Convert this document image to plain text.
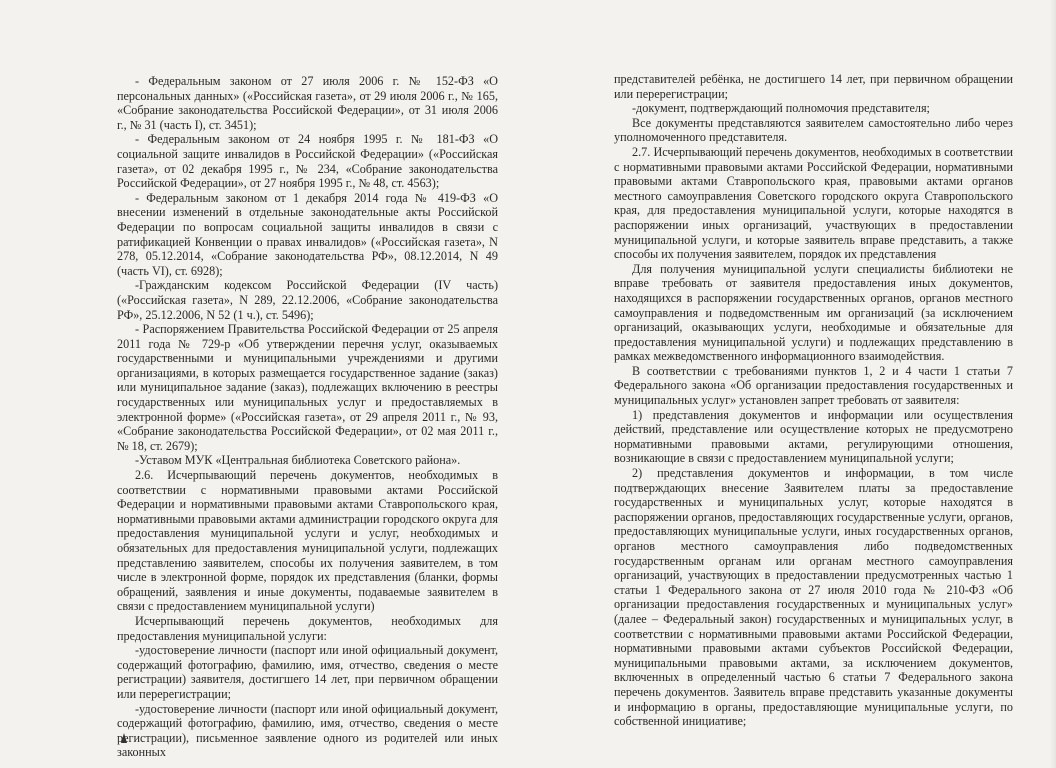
- Федеральным законом от 27 июля 2006 г. № 152-ФЗ «О персональных данных» («Российская газета», от 29 июля 2006 г., № 165, «Собрание законодательства Российской Федерации», от 31 июля 2006 г., № 31 (часть I), ст. 3451);

- Федеральным законом от 24 ноября 1995 г. № 181-ФЗ «О социальной защите инвалидов в Российской Федерации» («Российская газета», от 02 декабря 1995 г., № 234, «Собрание законодательства Российской Федерации», от 27 ноября 1995 г., № 48, ст. 4563);

- Федеральным законом от 1 декабря 2014 года № 419-ФЗ «О внесении изменений в отдельные законодательные акты Российской Федерации по вопросам социальной защиты инвалидов в связи с ратификацией Конвенции о правах инвалидов» («Российская газета», N 278, 05.12.2014, «Собрание законодательства РФ», 08.12.2014, N 49 (часть VI), ст. 6928);

-Гражданским кодексом Российской Федерации (IV часть) («Российская газета», N 289, 22.12.2006, «Собрание законодательства РФ», 25.12.2006, N 52 (1 ч.), ст. 5496);

- Распоряжением Правительства Российской Федерации от 25 апреля 2011 года № 729-р «Об утверждении перечня услуг, оказываемых государственными и муниципальными учреждениями и другими организациями, в которых размещается государственное задание (заказ) или муниципальное задание (заказ), подлежащих включению в реестры государственных или муниципальных услуг и предоставляемых в электронной форме» («Российская газета», от 29 апреля 2011 г., № 93, «Собрание законодательства Российской Федерации», от 02 мая 2011 г., № 18, ст. 2679);

-Уставом МУК «Центральная библиотека Советского района».

2.6. Исчерпывающий перечень документов, необходимых в соответствии с нормативными правовыми актами Российской Федерации и нормативными правовыми актами Ставропольского края, нормативными правовыми актами администрации городского округа для предоставления муниципальной услуги и услуг, необходимых и обязательных для предоставления муниципальной услуги, подлежащих представлению заявителем, способы их получения заявителем, в том числе в электронной форме, порядок их представления (бланки, формы обращений, заявления и иные документы, подаваемые заявителем в связи с предоставлением муниципальной услуги)

Исчерпывающий перечень документов, необходимых для предоставления муниципальной услуги:

-удостоверение личности (паспорт или иной официальный документ, содержащий фотографию, фамилию, имя, отчество, сведения о месте регистрации) заявителя, достигшего 14 лет, при первичном обращении или перерегистрации;

-удостоверение личности (паспорт или иной официальный документ, содержащий фотографию, фамилию, имя, отчество, сведения о месте регистрации), письменное заявление одного из родителей или иных законных

представителей ребёнка, не достигшего 14 лет, при первичном обращении или перерегистрации;

-документ, подтверждающий полномочия представителя;

Все документы представляются заявителем самостоятельно либо через уполномоченного представителя.

2.7. Исчерпывающий перечень документов, необходимых в соответствии с нормативными правовыми актами Российской Федерации, нормативными правовыми актами Ставропольского края, правовыми актами органов местного самоуправления Советского городского округа Ставропольского края, для предоставления муниципальной услуги, которые находятся в распоряжении иных организаций, участвующих в предоставлении муниципальной услуги, и которые заявитель вправе представить, а также способы их получения заявителем, порядок их представления

Для получения муниципальной услуги специалисты библиотеки не вправе требовать от заявителя предоставления иных документов, находящихся в распоряжении государственных органов, органов местного самоуправления и подведомственным им организаций (за исключением организаций, оказывающих услуги, необходимые и обязательные для предоставления муниципальной услуги) и подлежащих представлению в рамках межведомственного информационного взаимодействия.

В соответствии с требованиями пунктов 1, 2 и 4 части 1 статьи 7 Федерального закона «Об организации предоставления государственных и муниципальных услуг» установлен запрет требовать от заявителя:

1) представления документов и информации или осуществления действий, представление или осуществление которых не предусмотрено нормативными правовыми актами, регулирующими отношения, возникающие в связи с предоставлением муниципальной услуги;

2) представления документов и информации, в том числе подтверждающих внесение Заявителем платы за предоставление государственных и муниципальных услуг, которые находятся в распоряжении органов, предоставляющих государственные услуги, органов, предоставляющих муниципальные услуги, иных государственных органов, органов местного самоуправления либо подведомственных государственным органам или органам местного самоуправления организаций, участвующих в предоставлении предусмотренных частью 1 статьи 1 Федерального закона от 27 июля 2010 года № 210-ФЗ «Об организации предоставления государственных и муниципальных услуг» (далее – Федеральный закон) государственных и муниципальных услуг, в соответствии с нормативными правовыми актами Российской Федерации, нормативными правовыми актами субъектов Российской Федерации, муниципальными правовыми актами, за исключением документов, включенных в определенный частью 6 статьи 7 Федерального закона перечень документов. Заявитель вправе представить указанные документы и информацию в органы, предоставляющие муниципальные услуги, по собственной инициативе;
